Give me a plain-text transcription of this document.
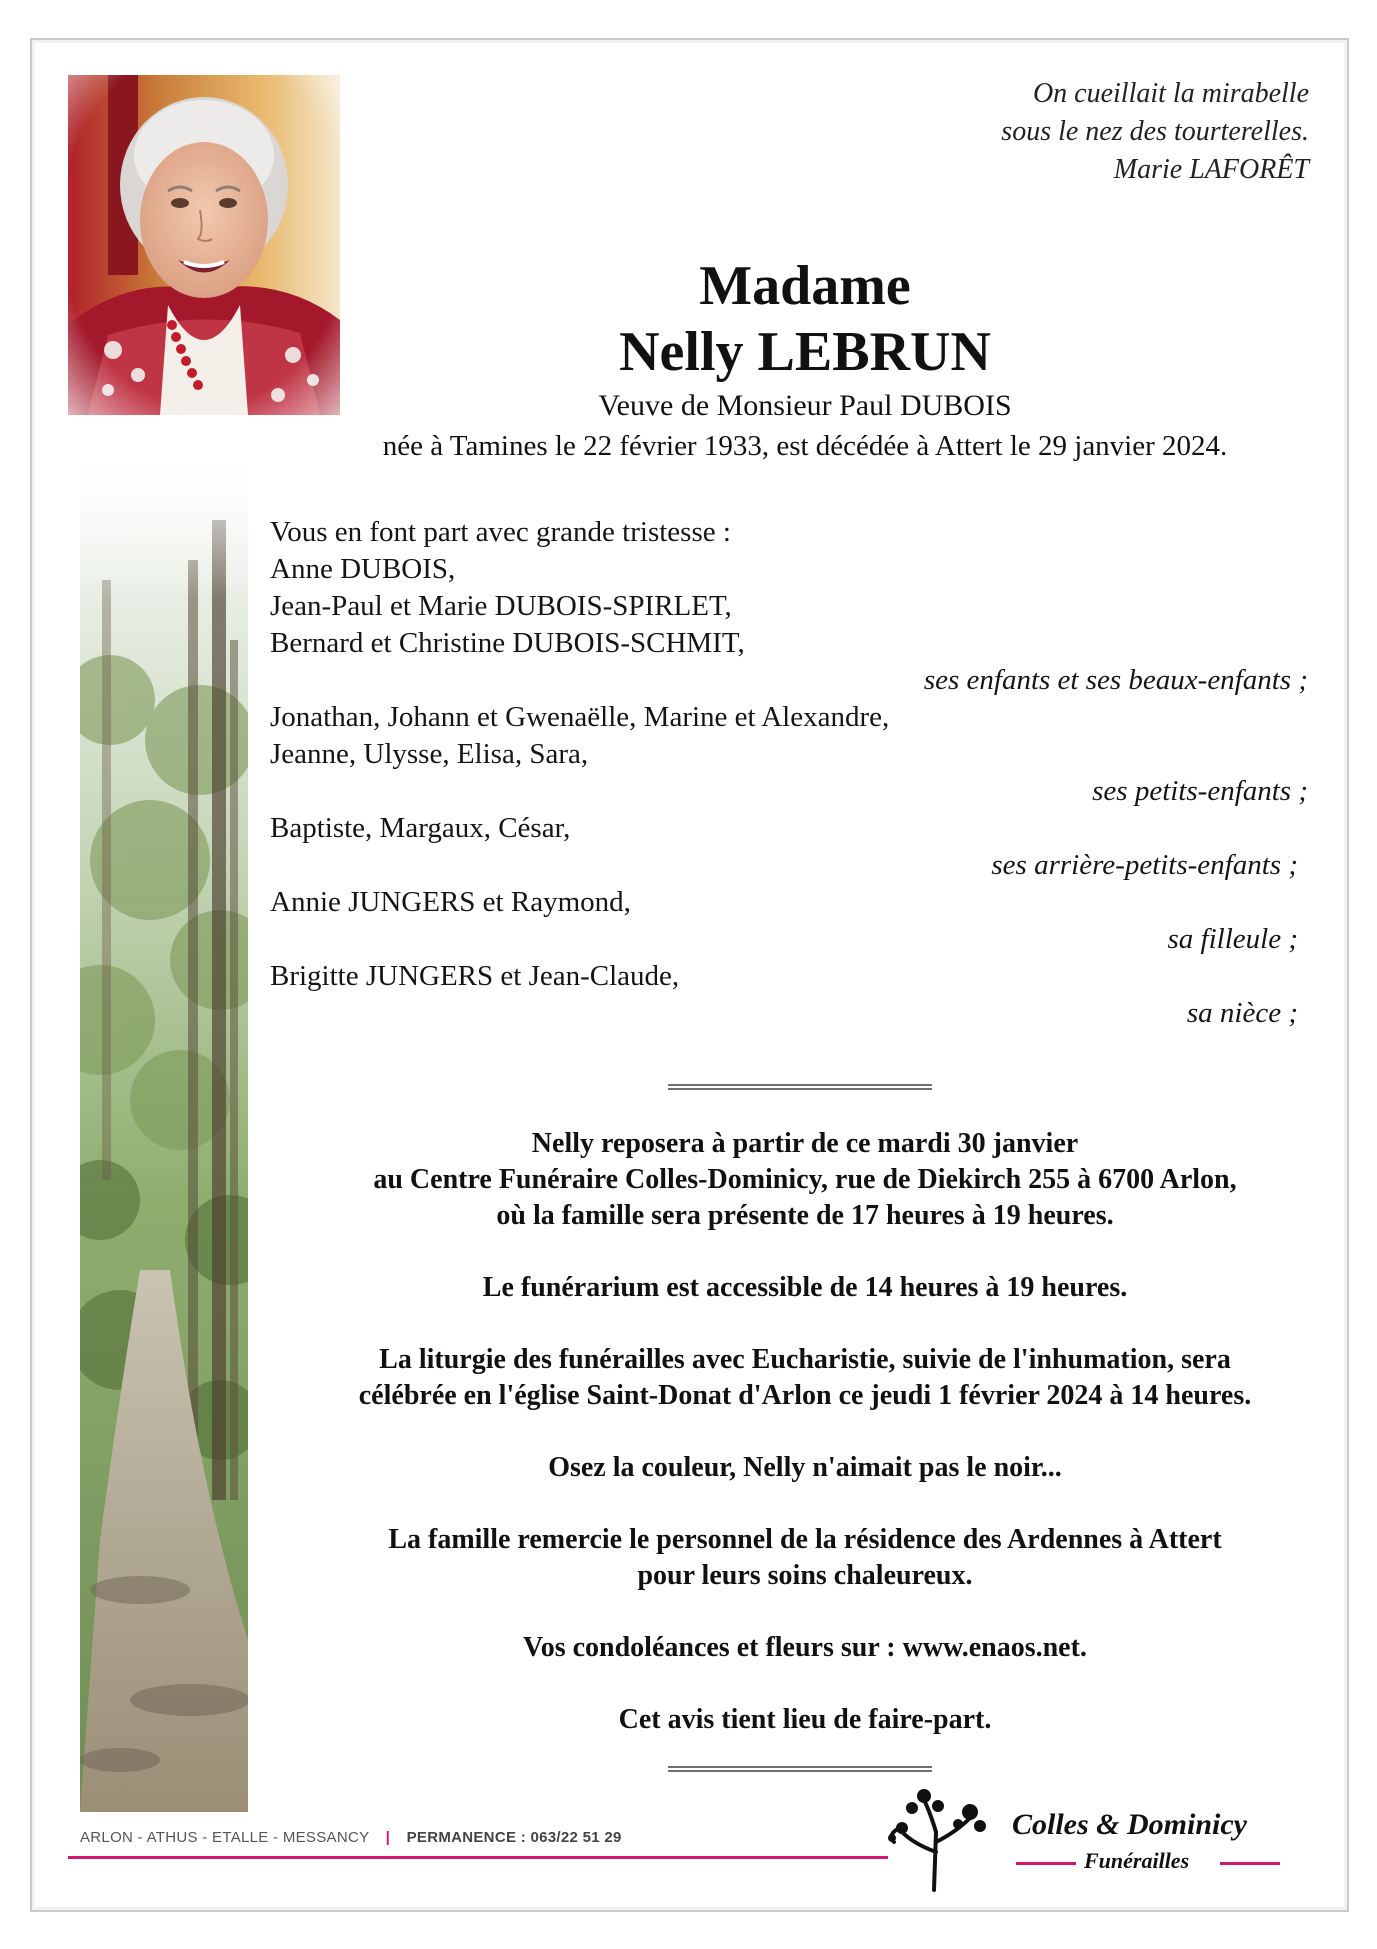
On cueillait la mirabelle
sous le nez des tourterelles.
Marie LAFORÊT
Madame
Nelly LEBRUN
Veuve de Monsieur Paul DUBOIS
née à Tamines le 22 février 1933, est décédée à Attert le 29 janvier 2024.
Vous en font part avec grande tristesse :
Anne DUBOIS,
Jean-Paul et Marie DUBOIS-SPIRLET,
Bernard et Christine DUBOIS-SCHMIT,
ses enfants et ses beaux-enfants ;
Jonathan, Johann et Gwenaëlle, Marine et Alexandre,
Jeanne, Ulysse, Elisa, Sara,
ses petits-enfants ;
Baptiste, Margaux, César,
ses arrière-petits-enfants ;
Annie JUNGERS et Raymond,
sa filleule ;
Brigitte JUNGERS et Jean-Claude,
sa nièce ;
Nelly reposera à partir de ce mardi 30 janvier
au Centre Funéraire Colles-Dominicy, rue de Diekirch 255 à 6700 Arlon,
où la famille sera présente de 17 heures à 19 heures.
Le funérarium est accessible de 14 heures à 19 heures.
La liturgie des funérailles avec Eucharistie, suivie de l'inhumation, sera
célébrée en l'église Saint-Donat d'Arlon ce jeudi 1 février 2024 à 14 heures.
Osez la couleur, Nelly n'aimait pas le noir...
La famille remercie le personnel de la résidence des Ardennes à Attert
pour leurs soins chaleureux.
Vos condoléances et fleurs sur : www.enaos.net.
Cet avis tient lieu de faire-part.
ARLON - ATHUS - ETALLE - MESSANCY | PERMANENCE : 063/22 51 29	Colles & Dominicy
Funérailles
